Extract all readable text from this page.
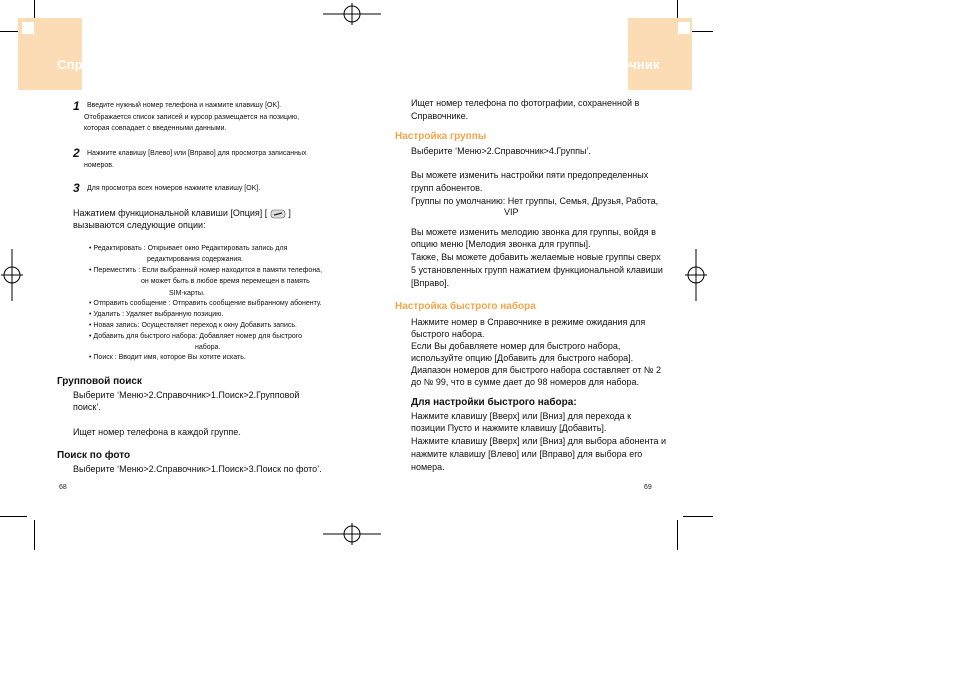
Справочник
1 Введите нужный номер телефона и нажмите клавишу [OK].
Отображается список записей и курсор размещается на позицию,
которая совпадает с введенными данными.
2 Нажмите клавишу [Влево] или [Вправо] для просмотра записанных
номеров.
3 Для просмотра всех номеров нажмите клавишу [OK].
Нажатием функциональной клавиши [Опция] [ ]
вызываются следующие опции:
• Редактировать : Открывает окно Редактировать запись для
редактирования содержания.
• Переместить : Если выбранный номер находится в памяти телефона,
он может быть в любое время перемещен в память
SIM-карты.
• Отправить сообщение : Отправить сообщение выбранному абоненту.
• Удалить : Удаляет выбранную позицию.
• Новая запись: Осуществляет переход к окну Добавить запись.
• Добавить для быстрого набора: Добавляет номер для быстрого
набора.
• Поиск : Вводит имя, которое Вы хотите искать.
Групповой поиск
Выберите ‘Меню>2.Справочник>1.Поиск>2.Групповой
поиск’.
Ищет номер телефона в каждой группе.
Поиск по фото
Выберите ‘Меню>2.Справочник>1.Поиск>3.Поиск по фото’.
68
Справочник
Ищет номер телефона по фотографии, сохраненной в
Справочнике.
Настройка группы
Выберите ‘Меню>2.Справочник>4.Группы’.
Вы можете изменить настройки пяти предопределенных
групп абонентов.
Группы по умолчанию: Нет группы, Семья, Друзья, Работа,
VIP
Вы можете изменить мелодию звонка для группы, войдя в
опцию меню [Мелодия звонка для группы].
Также, Вы можете добавить желаемые новые группы сверх
5 установленных групп нажатием функциональной клавиши
[Вправо].
Настройка быстрого набора
Нажмите номер в Справочнике в режиме ожидания для
быстрого набора.
Если Вы добавляете номер для быстрого набора,
используйте опцию [Добавить для быстрого набора].
Диапазон номеров для быстрого набора составляет от № 2
до № 99, что в сумме дает до 98 номеров для набора.
Для настройки быстрого набора:
Нажмите клавишу [Вверх] или [Вниз] для перехода к
позиции Пусто и нажмите клавишу [Добавить].
Нажмите клавишу [Вверх] или [Вниз] для выбора абонента и
нажмите клавишу [Влево] или [Вправо] для выбора его
номера.
69
